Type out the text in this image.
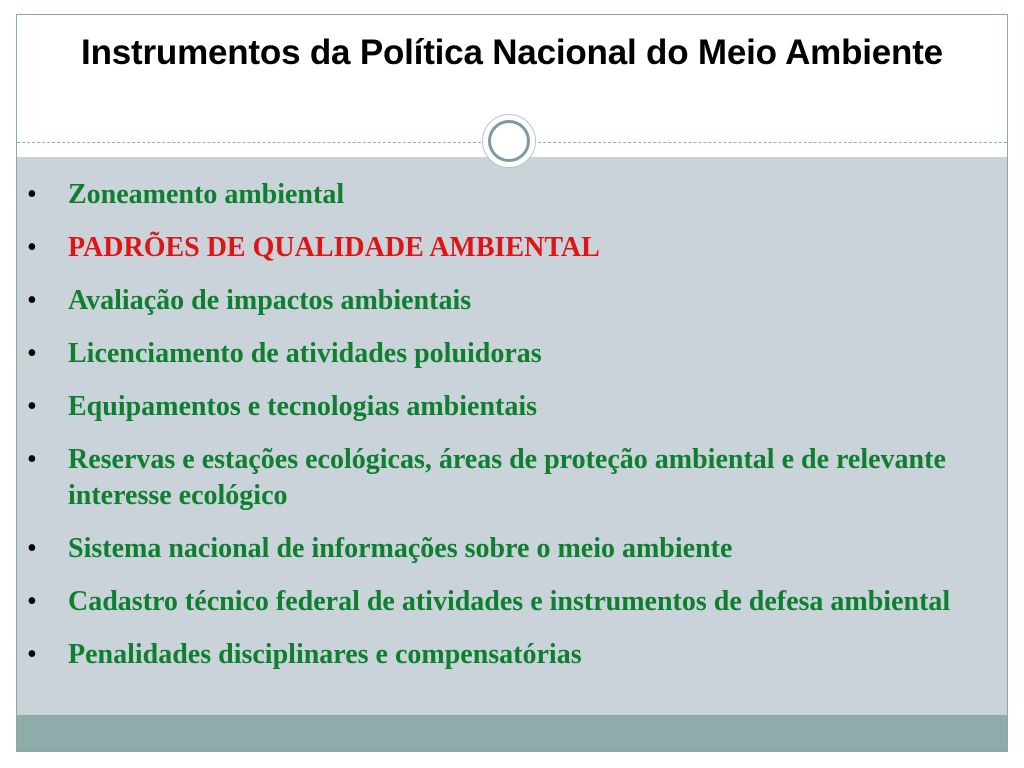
Instrumentos da Política Nacional do Meio Ambiente
• Zoneamento ambiental
• PADRÕES DE QUALIDADE AMBIENTAL
• Avaliação de impactos ambientais
• Licenciamento de atividades poluidoras
• Equipamentos e tecnologias ambientais
• Reservas e estações ecológicas, áreas de proteção ambiental e de relevante interesse ecológico
• Sistema nacional de informações sobre o meio ambiente
• Cadastro técnico federal de atividades e instrumentos de defesa ambiental
• Penalidades disciplinares e compensatórias
